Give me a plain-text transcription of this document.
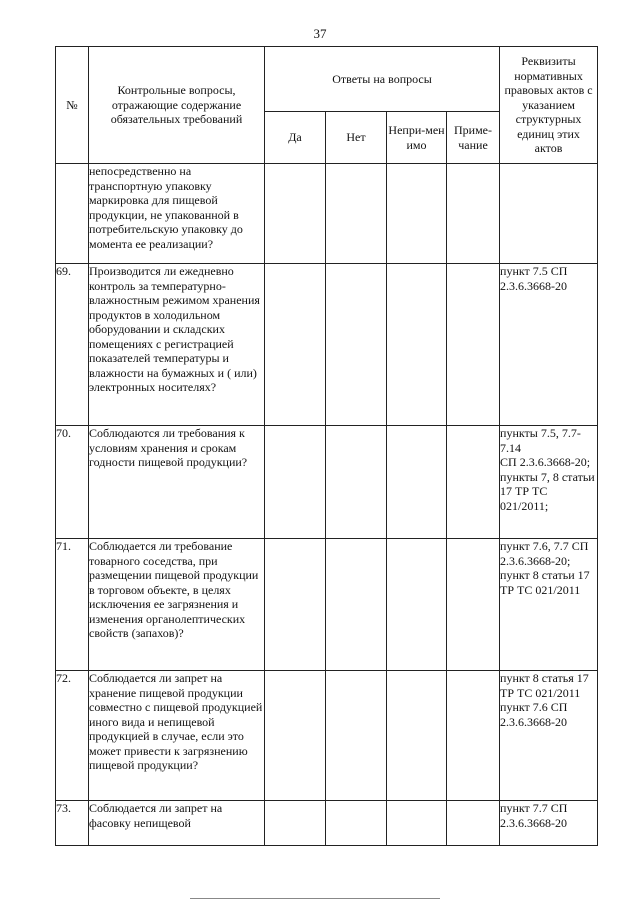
37
№	Контрольные вопросы, отражающие содержание обязательных требований	Ответы на вопросы				Реквизиты нормативных правовых актов с указанием структурных единиц этих актов
		Да	Нет	Непри-мен имо	Приме-чание	
	непосредственно на транспортную упаковку маркировка для пищевой продукции, не упакованной в потребительскую упаковку до момента ее реализации?					
69.	Производится ли ежедневно контроль за температурно-влажностным режимом хранения продуктов в холодильном оборудовании и складских помещениях с регистрацией показателей температуры и влажности на бумажных и ( или) электронных носителях?					пункт 7.5 СП 2.3.6.3668-20

70.	Соблюдаются ли требования к условиям хранения и срокам годности пищевой продукции?					пункты 7.5, 7.7-7.14
СП 2.3.6.3668-20;
пункты 7, 8 статьи 17 ТР ТС 021/2011;

71.	Соблюдается ли требование товарного соседства, при размещении пищевой продукции в торговом объекте, в целях исключения ее загрязнения и изменения органолептических свойств (запахов)?					пункт 7.6, 7.7 СП 2.3.6.3668-20;
пункт 8 статьи 17 ТР ТС 021/2011

72.	Соблюдается ли запрет на хранение пищевой продукции совместно с пищевой продукцией иного вида и непищевой продукцией в случае, если это может привести к загрязнению пищевой продукции?					пункт 8 статья 17 ТР ТС 021/2011
пункт 7.6 СП 2.3.6.3668-20

73.	Соблюдается ли запрет на фасовку непищевой					пункт 7.7 СП 2.3.6.3668-20
